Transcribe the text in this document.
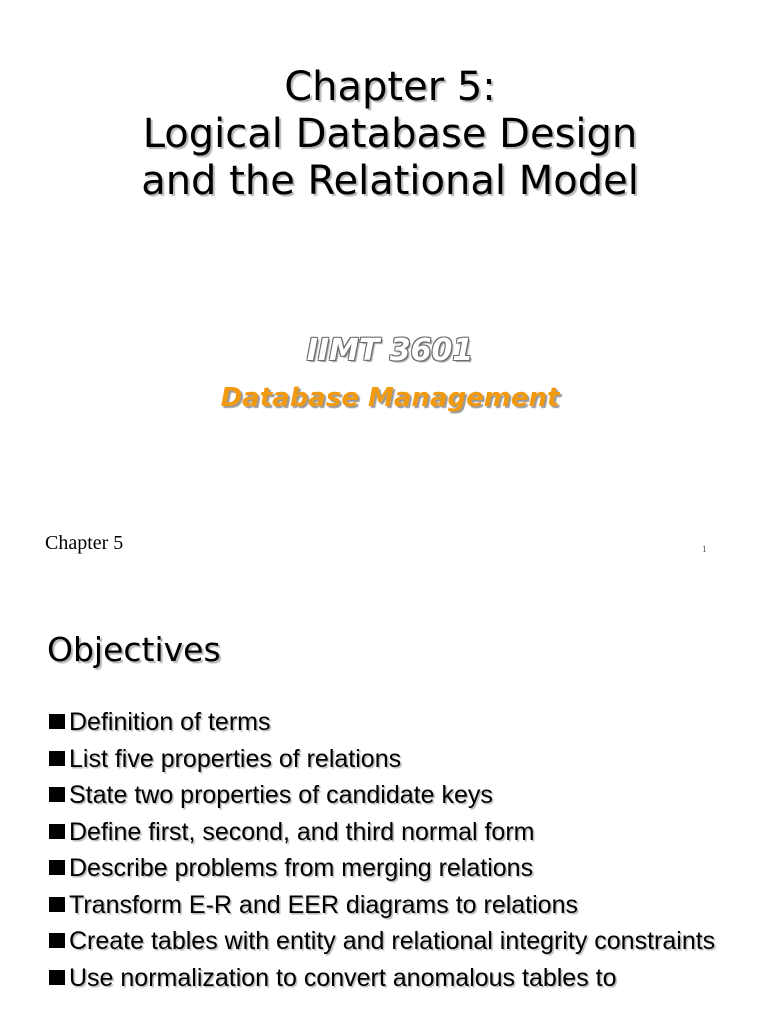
Chapter 5:
Logical Database Design
and the Relational Model
IIMT 3601
Database Management
Chapter 5	1
Objectives
Definition of terms
List five properties of relations
State two properties of candidate keys
Define first, second, and third normal form
Describe problems from merging relations
Transform E-R and EER diagrams to relations
Create tables with entity and relational integrity constraints
Use normalization to convert anomalous tables to
